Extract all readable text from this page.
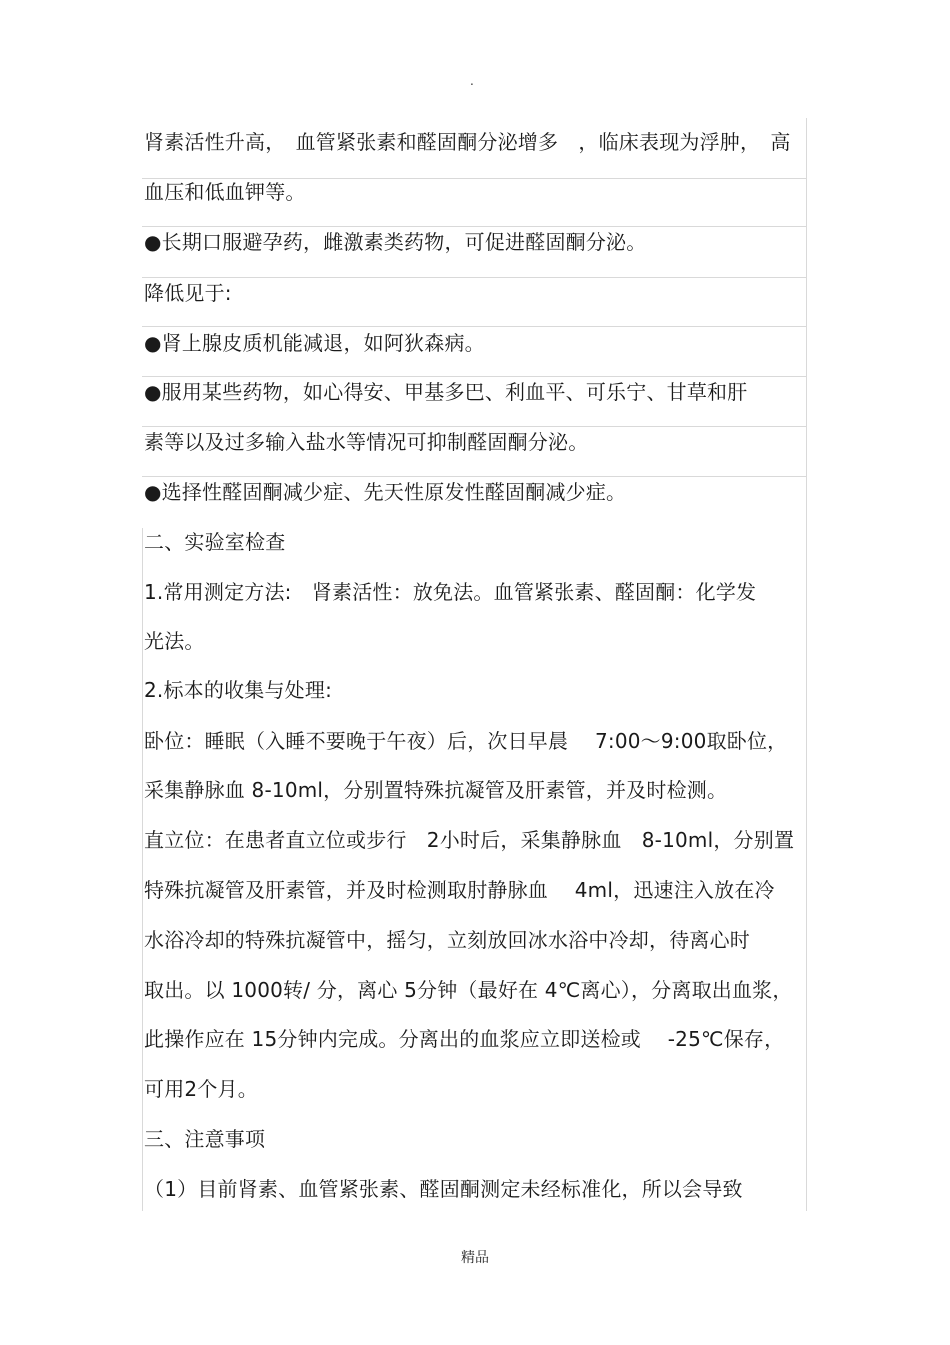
.
肾素活性升高，　血管紧张素和醛固酮分泌增多　，临床表现为浮肿，　高
血压和低血钾等。
●长期口服避孕药，雌激素类药物，可促进醛固酮分泌。
降低见于:
●肾上腺皮质机能减退，如阿狄森病。
●服用某些药物，如心得安、甲基多巴、利血平、可乐宁、甘草和肝
素等以及过多输入盐水等情况可抑制醛固酮分泌。
●选择性醛固酮减少症、先天性原发性醛固酮减少症。
二、实验室检查
1.常用测定方法:　肾素活性：放免法。血管紧张素、醛固酮：化学发
光法。
2.标本的收集与处理:
卧位：睡眠（入睡不要晚于午夜）后，次日早晨　 7:00～9:00取卧位，
采集静脉血 8-10ml，分别置特殊抗凝管及肝素管，并及时检测。
直立位：在患者直立位或步行　2小时后，采集静脉血　8-10ml，分别置
特殊抗凝管及肝素管，并及时检测取肘静脉血　 4ml，迅速注入放在冷
水浴冷却的特殊抗凝管中，摇匀，立刻放回冰水浴中冷却，待离心时
取出。以 1000转/ 分，离心 5分钟（最好在 4℃离心），分离取出血浆，
此操作应在 15分钟内完成。分离出的血浆应立即送检或　 -25℃保存，
可用2个月。
三、注意事项
（1）目前肾素、血管紧张素、醛固酮测定未经标准化，所以会导致
精品
